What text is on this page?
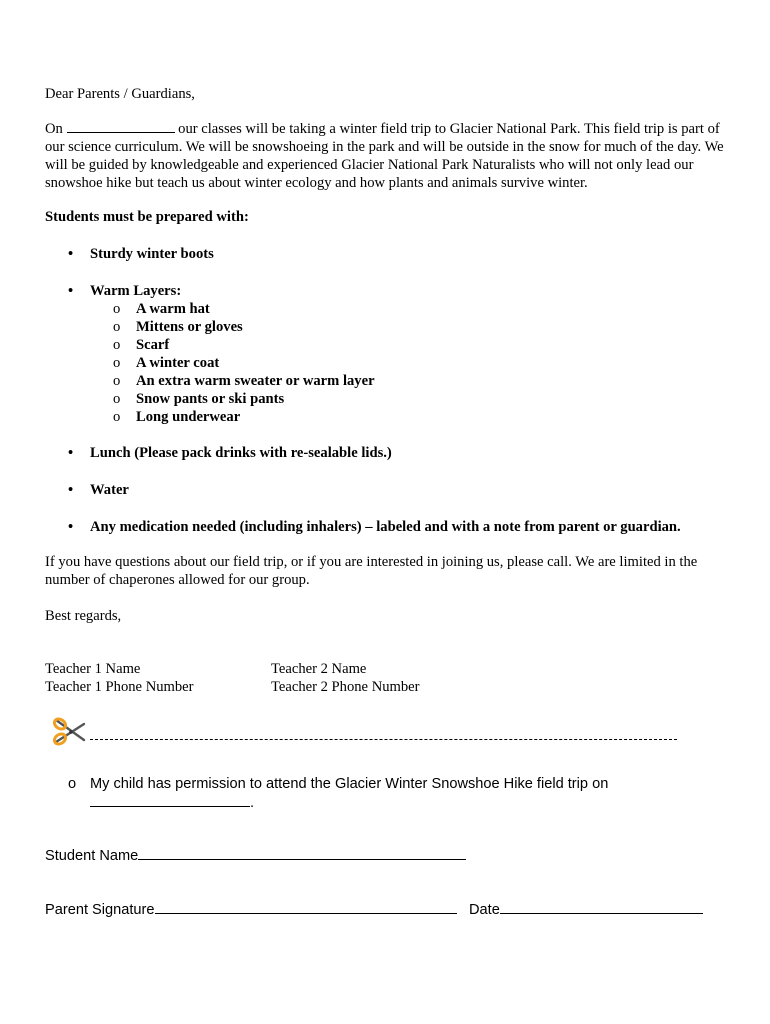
Dear Parents / Guardians,

On	our classes will be taking a winter field trip to Glacier National Park. This field trip is part of our science curriculum. We will be snowshoeing in the park and will be outside in the snow for much of the day. We will be guided by knowledgeable and experienced Glacier National Park Naturalists who will not only lead our snowshoe hike but teach us about winter ecology and how plants and animals survive winter.

Students must be prepared with:

• Sturdy winter boots
• Warm Layers:
o A warm hat
o Mittens or gloves
o Scarf
o A winter coat
o An extra warm sweater or warm layer
o Snow pants or ski pants
o Long underwear
• Lunch (Please pack drinks with re-sealable lids.)
• Water
• Any medication needed (including inhalers) – labeled and with a note from parent or guardian.

If you have questions about our field trip, or if you are interested in joining us, please call. We are limited in the number of chaperones allowed for our group.

Best regards,

Teacher 1 Name
Teacher 1 Phone Number
Teacher 2 Name
Teacher 2 Phone Number
o My child has permission to attend the Glacier Winter Snowshoe Hike field trip on
.

Student Name

Parent Signature	Date
